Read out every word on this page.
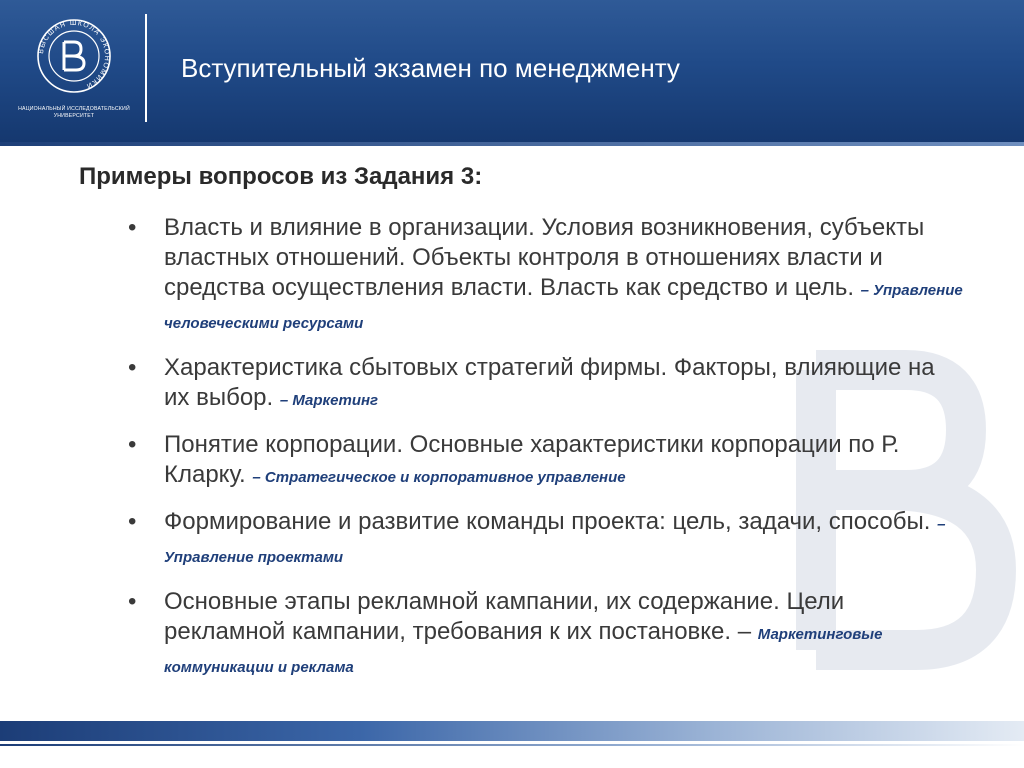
ВЫСШАЯ ШКОЛА ЭКОНОМИКИ
НАЦИОНАЛЬНЫЙ ИССЛЕДОВАТЕЛЬСКИЙ
УНИВЕРСИТЕТ
Вступительный экзамен по менеджменту
Примеры вопросов из Задания 3:
• Власть и влияние в организации. Условия возникновения, субъекты властных отношений. Объекты контроля в отношениях власти и средства осуществления власти. Власть как средство и цель. – Управление человеческими ресурсами
• Характеристика сбытовых стратегий фирмы. Факторы, влияющие на их выбор. – Маркетинг
• Понятие корпорации. Основные характеристики корпорации по Р. Кларку. – Стратегическое и корпоративное управление
• Формирование и развитие команды проекта: цель, задачи, способы. – Управление проектами
• Основные этапы рекламной кампании, их содержание. Цели рекламной кампании, требования к их постановке. – Маркетинговые коммуникации и реклама
